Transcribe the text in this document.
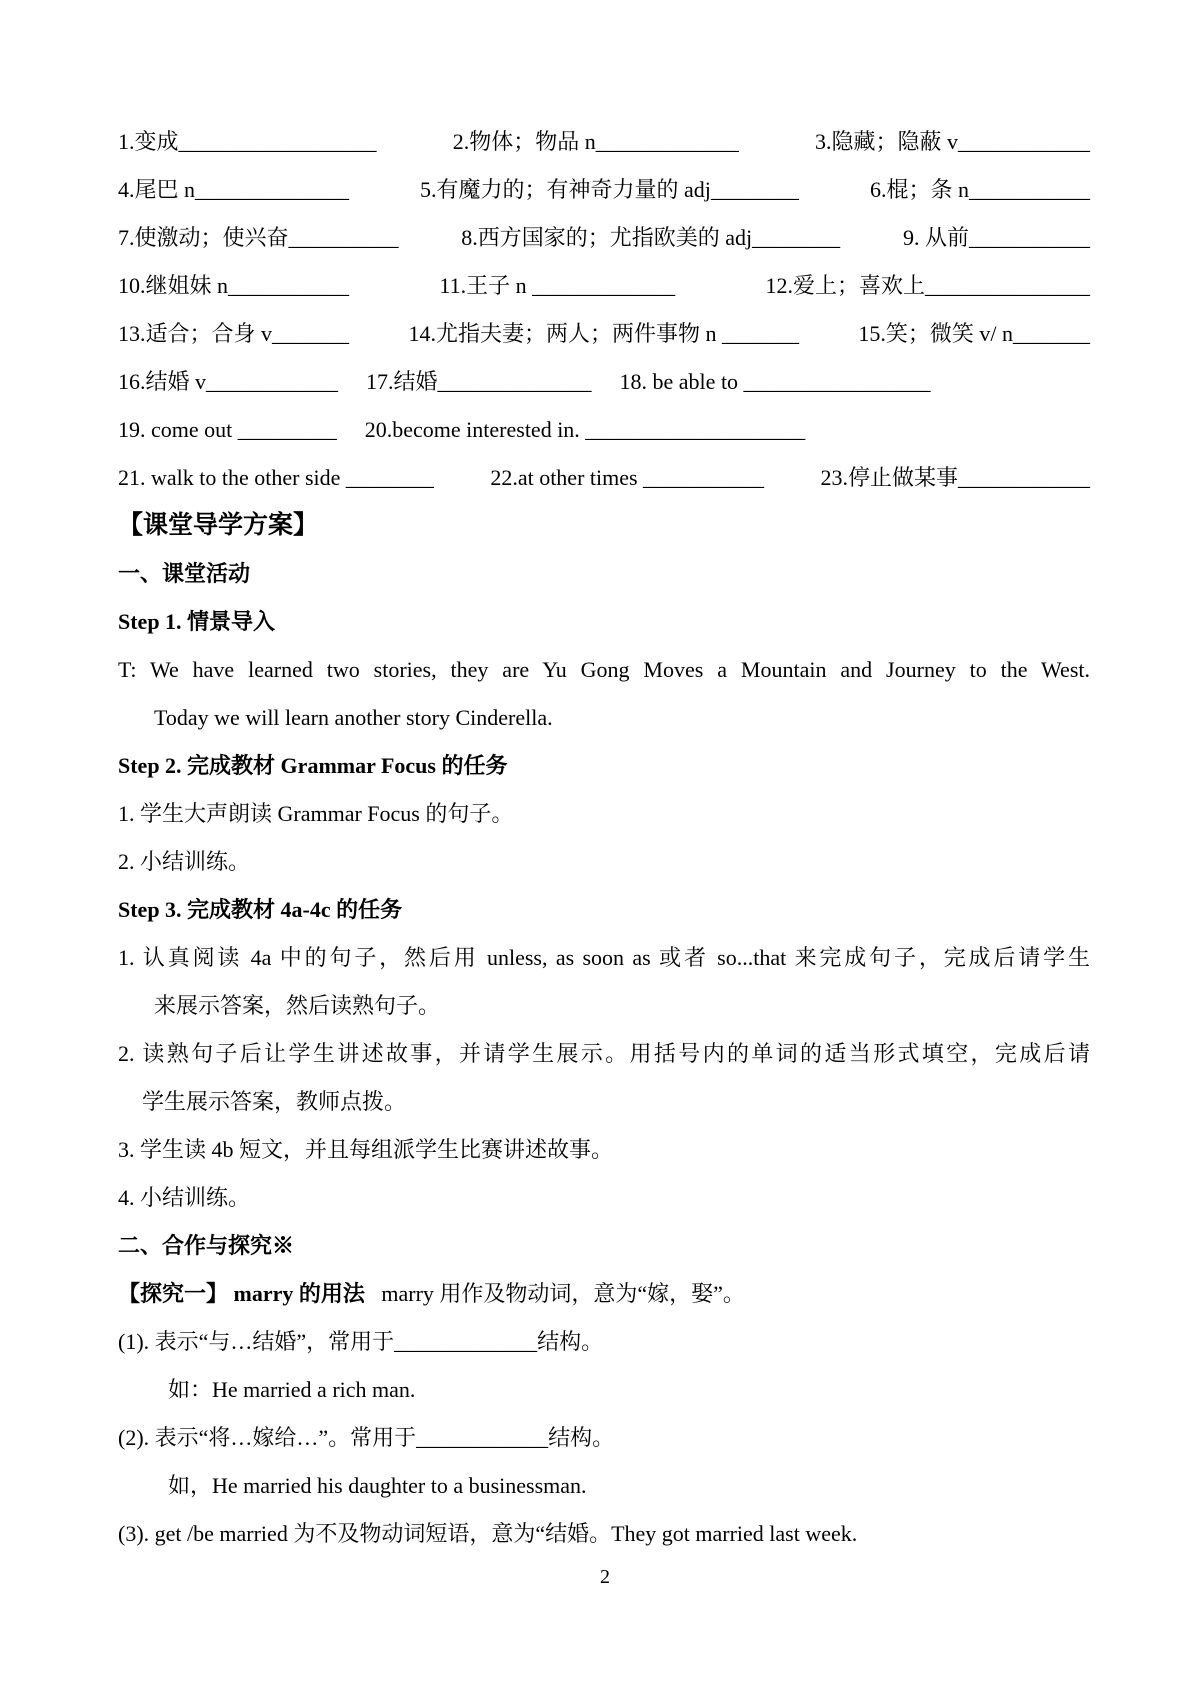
1.变成__________________	2.物体；物品 n_____________	3.隐藏；隐蔽 v____________
4.尾巴 n______________	5.有魔力的；有神奇力量的 adj________	6.棍；条 n___________
7.使激动；使兴奋__________	8.西方国家的；尤指欧美的 adj________	9. 从前___________
10.继姐妹 n___________	11.王子 n _____________	12.爱上；喜欢上_______________
13.适合；合身 v_______	14.尤指夫妻；两人；两件事物 n _______	15.笑；微笑 v/ n_______
16.结婚 v____________ 17.结婚______________ 18. be able to _________________
19. come out _________ 20.become interested in. ____________________
21. walk to the other side ________	22.at other times ___________	23.停止做某事____________
【课堂导学方案】
一、课堂活动
Step 1. 情景导入
T: We have learned two stories, they are Yu Gong Moves a Mountain and Journey to the West.
Today we will learn another story Cinderella.
Step 2. 完成教材 Grammar Focus 的任务
1. 学生大声朗读 Grammar Focus 的句子。
2. 小结训练。
Step 3. 完成教材 4a-4c 的任务
1. 认真阅读 4a 中的句子，然后用 unless, as soon as 或者 so...that 来完成句子，完成后请学生
来展示答案，然后读熟句子。
2. 读熟句子后让学生讲述故事，并请学生展示。用括号内的单词的适当形式填空，完成后请
学生展示答案，教师点拨。
3. 学生读 4b 短文，并且每组派学生比赛讲述故事。
4. 小结训练。
二、合作与探究※
【探究一】 marry 的用法 marry 用作及物动词，意为“嫁，娶”。
(1). 表示“与…结婚”，常用于_____________结构。
如：He married a rich man.
(2). 表示“将…嫁给…”。常用于____________结构。
如，He married his daughter to a businessman.
(3). get /be married 为不及物动词短语，意为“结婚。They got married last week.
2
